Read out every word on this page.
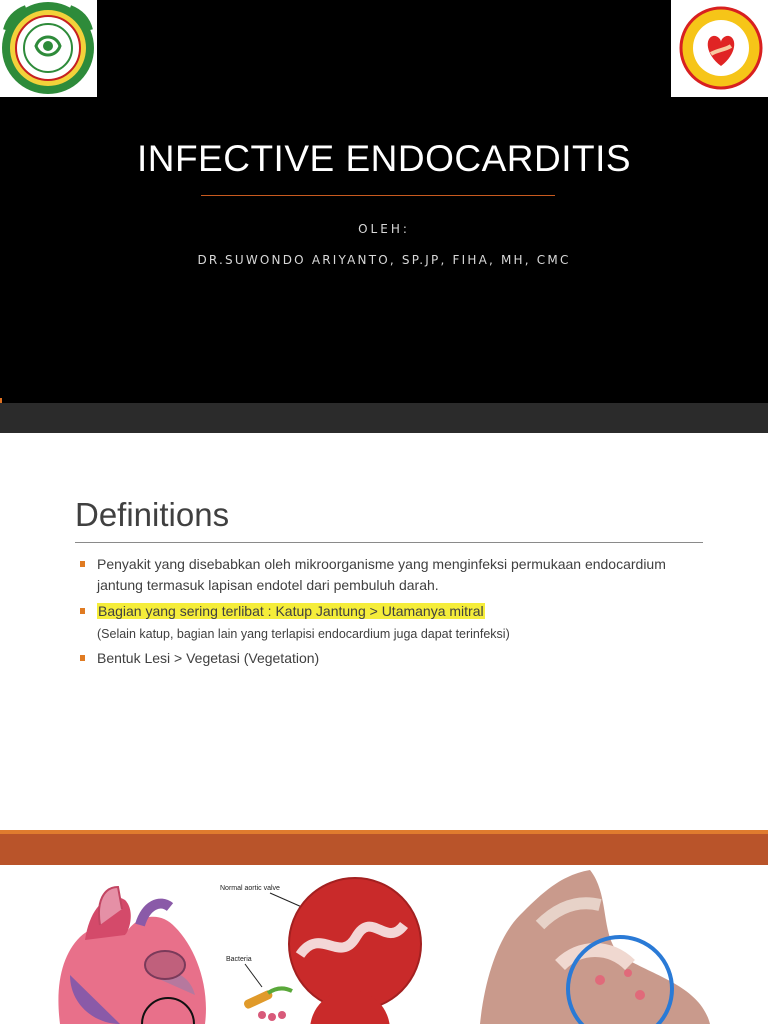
INFECTIVE ENDOCARDITIS
OLEH:
DR.SUWONDO ARIYANTO, SP.JP, FIHA, MH, CMC
Definitions
Penyakit yang disebabkan oleh mikroorganisme yang menginfeksi permukaan endocardium jantung termasuk lapisan endotel dari pembuluh darah.
Bagian yang sering terlibat : Katup Jantung > Utamanya mitral
(Selain katup, bagian lain yang terlapisi endocardium juga dapat terinfeksi)
Bentuk Lesi > Vegetasi (Vegetation)
Normal aortic valve
Bacteria
